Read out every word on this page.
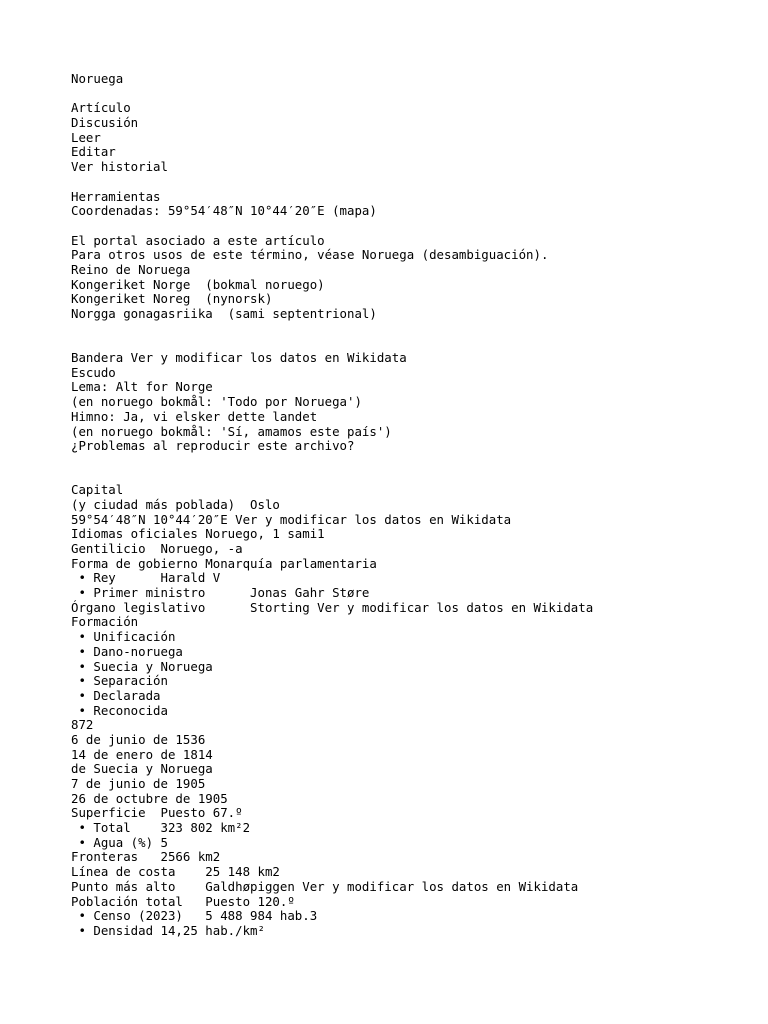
Noruega
Artículo
Discusión
Leer
Editar
Ver historial
Herramientas
Coordenadas: 59°54′48″N 10°44′20″E (mapa)
El portal asociado a este artículo
Para otros usos de este término, véase Noruega (desambiguación).
Reino de Noruega
Kongeriket Norge  (bokmal noruego)
Kongeriket Noreg  (nynorsk)
Norgga gonagasriika  (sami septentrional)
Bandera Ver y modificar los datos en Wikidata
Escudo
Lema: Alt for Norge
(en noruego bokmål: 'Todo por Noruega')
Himno: Ja, vi elsker dette landet
(en noruego bokmål: 'Sí, amamos este país')
¿Problemas al reproducir este archivo?
Capital
(y ciudad más poblada)  Oslo
59°54′48″N 10°44′20″E Ver y modificar los datos en Wikidata
Idiomas oficiales Noruego, 1 sami1
Gentilicio  Noruego, -a
Forma de gobierno Monarquía parlamentaria
• Rey      Harald V
• Primer ministro      Jonas Gahr Støre
Órgano legislativo      Storting Ver y modificar los datos en Wikidata
Formación
• Unificación
• Dano-noruega
• Suecia y Noruega
• Separación
• Declarada
• Reconocida
872
6 de junio de 1536
14 de enero de 1814
de Suecia y Noruega
7 de junio de 1905
26 de octubre de 1905
Superficie  Puesto 67.º
• Total    323 802 km²2
• Agua (%) 5
Fronteras   2566 km2
Línea de costa    25 148 km2
Punto más alto    Galdhøpiggen Ver y modificar los datos en Wikidata
Población total   Puesto 120.º
• Censo (2023)   5 488 984 hab.3
• Densidad 14,25 hab./km²
